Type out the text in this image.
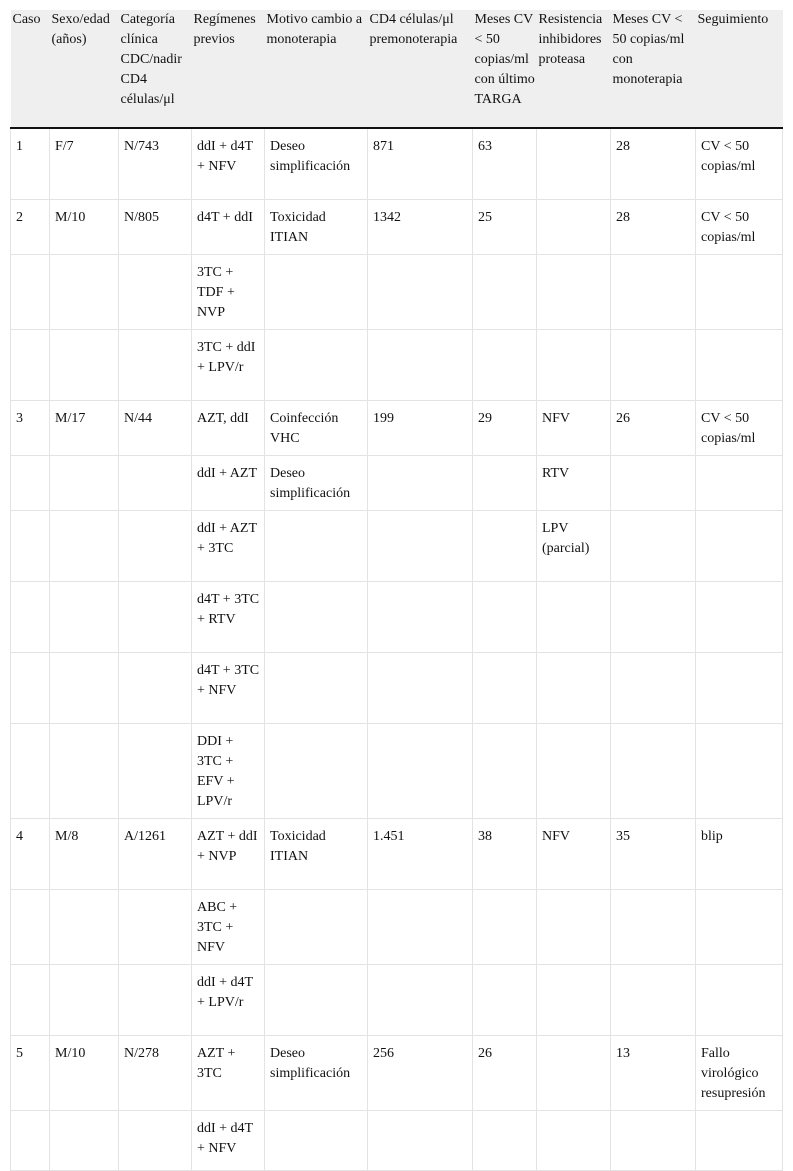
Caso	Sexo/edad (años)	Categoría clínica CDC/nadir CD4 células/μl	Regímenes previos	Motivo cambio a monoterapia	CD4 células/μl premonoterapia	Meses CV < 50 copias/ml con último TARGA	Resistencia inhibidores proteasa	Meses CV < 50 copias/ml con monoterapia	Seguimiento

1	F/7	N/743	ddI + d4T + NFV	Deseo simplificación	871	63		28	CV < 50 copias/ml

2	M/10	N/805	d4T + ddI	Toxicidad ITIAN	1342	25		28	CV < 50 copias/ml

			3TC + TDF + NVP						

			3TC + ddI + LPV/r						

3	M/17	N/44	AZT, ddI	Coinfección VHC	199	29	NFV	26	CV < 50 copias/ml

			ddI + AZT	Deseo simplificación			RTV		

			ddI + AZT + 3TC				LPV (parcial)		

			d4T + 3TC + RTV						

			d4T + 3TC + NFV						

			DDI + 3TC + EFV + LPV/r						

4	M/8	A/1261	AZT + ddI + NVP	Toxicidad ITIAN	1.451	38	NFV	35	blip

			ABC + 3TC + NFV						

			ddI + d4T + LPV/r						

5	M/10	N/278	AZT + 3TC	Deseo simplificación	256	26		13	Fallo virológico resupresión

			ddI + d4T + NFV						
